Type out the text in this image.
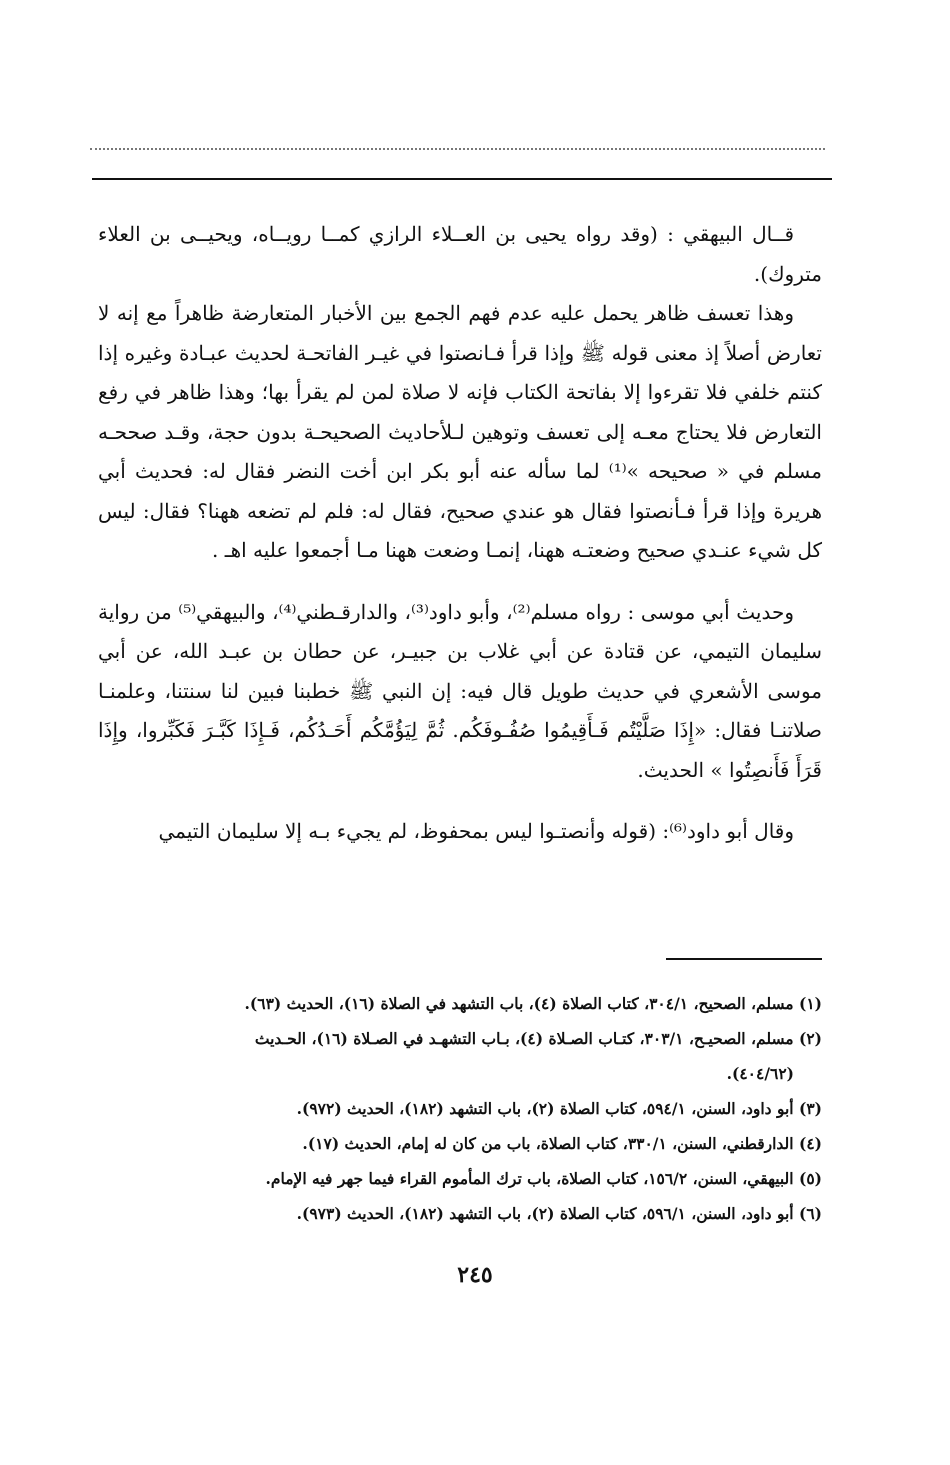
قــال البيهقي : (وقد رواه يحيى بن العــلاء الرازي كمــا رويــاه، ويحيــى بن العلاء متروك).

وهذا تعسف ظاهر يحمل عليه عدم فهم الجمع بين الأخبار المتعارضة ظاهراً مع إنه لا تعارض أصلاً إذ معنى قوله ﷺ وإذا قرأ فـانصتوا في غيـر الفاتحـة لحديث عبـادة وغيره إذا كنتم خلفي فلا تقرءوا إلا بفاتحة الكتاب فإنه لا صلاة لمن لم يقرأ بها؛ وهذا ظاهر في رفع التعارض فلا يحتاج معـه إلى تعسف وتوهين لـلأحاديث الصحيحـة بدون حجة، وقـد صححـه مسلم في « صحيحه »⁽¹⁾ لما سأله عنه أبو بكر ابن أخت النضر فقال له: فحديث أبي هريرة وإذا قرأ فـأنصتوا فقال هو عندي صحيح، فقال له: فلم لم تضعه ههنا؟ فقال: ليس كل شيء عنـدي صحيح وضعتـه ههنا، إنمـا وضعت ههنا مـا أجمعوا عليه اهـ .

وحديث أبي موسى : رواه مسلم⁽²⁾، وأبو داود⁽³⁾، والدارقـطني⁽⁴⁾، والبيهقي⁽⁵⁾ من رواية سليمان التيمي، عن قتادة عن أبي غلاب بن جبيـر، عن حطان بن عبـد الله، عن أبي موسى الأشعري في حديث طويل قال فيه: إن النبي ﷺ خطبنا فبين لنا سنتنا، وعلمنـا صلاتنـا فقال: «إِذَا صَلَّيْتُم فَـأَقِيمُوا صُفُـوفَكُم. ثُمَّ لِيَؤُمَّكُم أَحَـدُكُم، فَـإِذَا كَبَّـرَ فَكَبِّروا، وإِذَا قَرَأَ فَأَنصِتُوا » الحديث.

وقال أبو داود⁽⁶⁾: (قوله وأنصتـوا ليس بمحفوظ، لم يجيء بـه إلا سليمان التيمي

(١) مسلم، الصحيح، ٣٠٤/١، كتاب الصلاة (٤)، باب التشهد في الصلاة (١٦)، الحديث (٦٣).
(٢) مسلم، الصحيـح، ٣٠٣/١، كتـاب الصـلاة (٤)، بـاب التشهـد في الصـلاة (١٦)، الحـديث
(٤٠٤/٦٢).
(٣) أبو داود، السنن، ٥٩٤/١، كتاب الصلاة (٢)، باب التشهد (١٨٢)، الحديث (٩٧٢).
(٤) الدارقطني، السنن، ٣٣٠/١، كتاب الصلاة، باب من كان له إمام، الحديث (١٧).
(٥) البيهقي، السنن، ١٥٦/٢، كتاب الصلاة، باب ترك المأموم القراء فيما جهر فيه الإمام.
(٦) أبو داود، السنن، ٥٩٦/١، كتاب الصلاة (٢)، باب التشهد (١٨٢)، الحديث (٩٧٣).
٢٤٥
